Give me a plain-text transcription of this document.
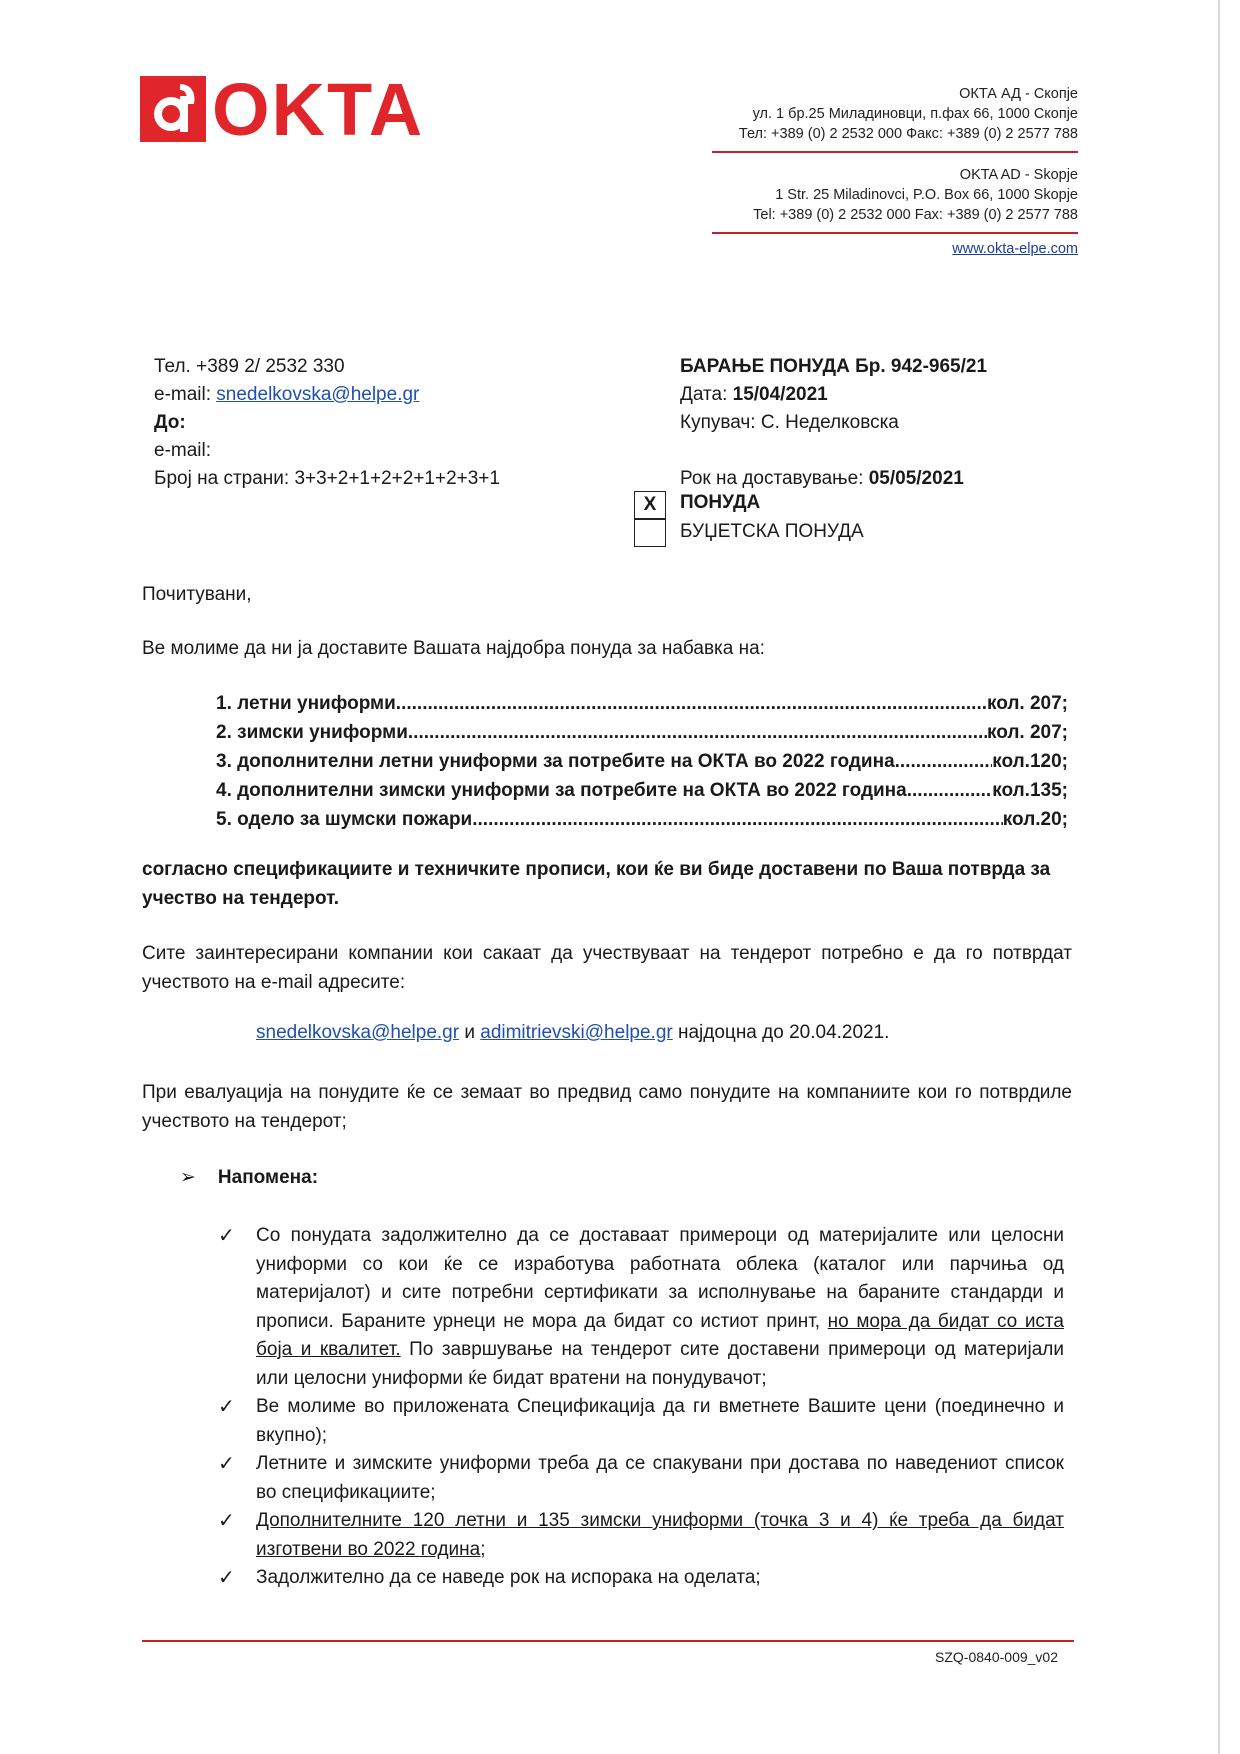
OKTA	ОКТА АД - Скопје
ул. 1 бр.25 Миладиновци, п.фах 66, 1000 Скопје
Тел: +389 (0) 2 2532 000 Факс: +389 (0) 2 2577 788
OKTA AD - Skopje
1 Str. 25 Miladinovci, P.O. Box 66, 1000 Skopje
Tel: +389 (0) 2 2532 000 Fax: +389 (0) 2 2577 788
www.okta-elpe.com
Тел. +389 2/ 2532 330
e-mail: snedelkovska@helpe.gr
До:
e-mail:
Број на страни: 3+3+2+1+2+2+1+2+3+1
БАРАЊЕ ПОНУДА Бр. 942-965/21
Дата: 15/04/2021
Купувач: С. Неделковска
Рок на доставување: 05/05/2021
X	ПОНУДА
БУЏЕТСКА ПОНУДА
Почитувани,
Ве молиме да ни ја доставите Вашата најдобра понуда за набавка на:
1. летни униформи .....	кол. 207;
2. зимски униформи .....	кол. 207;
3. дополнителни летни униформи за потребите на ОКТА во 2022 година .....	кол.120;
4. дополнителни зимски униформи за потребите на ОКТА во 2022 година .....	кол.135;
5. одело за шумски пожари .....	кол.20;
согласно спецификациите и техничките прописи, кои ќе ви биде доставени по Ваша потврда за учество на тендерот.
Сите заинтересирани компании кои сакаат да учествуваат на тендерот потребно е да го потврдат учеството на e-mail адресите:
snedelkovska@helpe.gr и adimitrievski@helpe.gr најдоцна до 20.04.2021.
При евалуација на понудите ќе се земаат во предвид само понудите на компаниите кои го потврдиле учеството на тендерот;
➢ Напомена:
✓ Со понудата задолжително да се доставаат примероци од материјалите или целосни униформи со кои ќе се изработува работната облека (каталог или парчиња од материјалот) и сите потребни сертификати за исполнување на бараните стандарди и прописи. Бараните урнеци не мора да бидат со истиот принт, но мора да бидат со иста боја и квалитет. По завршување на тендерот сите доставени примероци од материјали или целосни униформи ќе бидат вратени на понудувачот;
✓ Ве молиме во приложената Спецификација да ги вметнете Вашите цени (поединечно и вкупно);
✓ Летните и зимските униформи треба да се спакувани при достава по наведениот список во спецификациите;
✓ Дополнителните 120 летни и 135 зимски униформи (точка 3 и 4) ќе треба да бидат изготвени во 2022 година;
✓ Задолжително да се наведе рок на испорака на оделата;
SZQ-0840-009_v02
